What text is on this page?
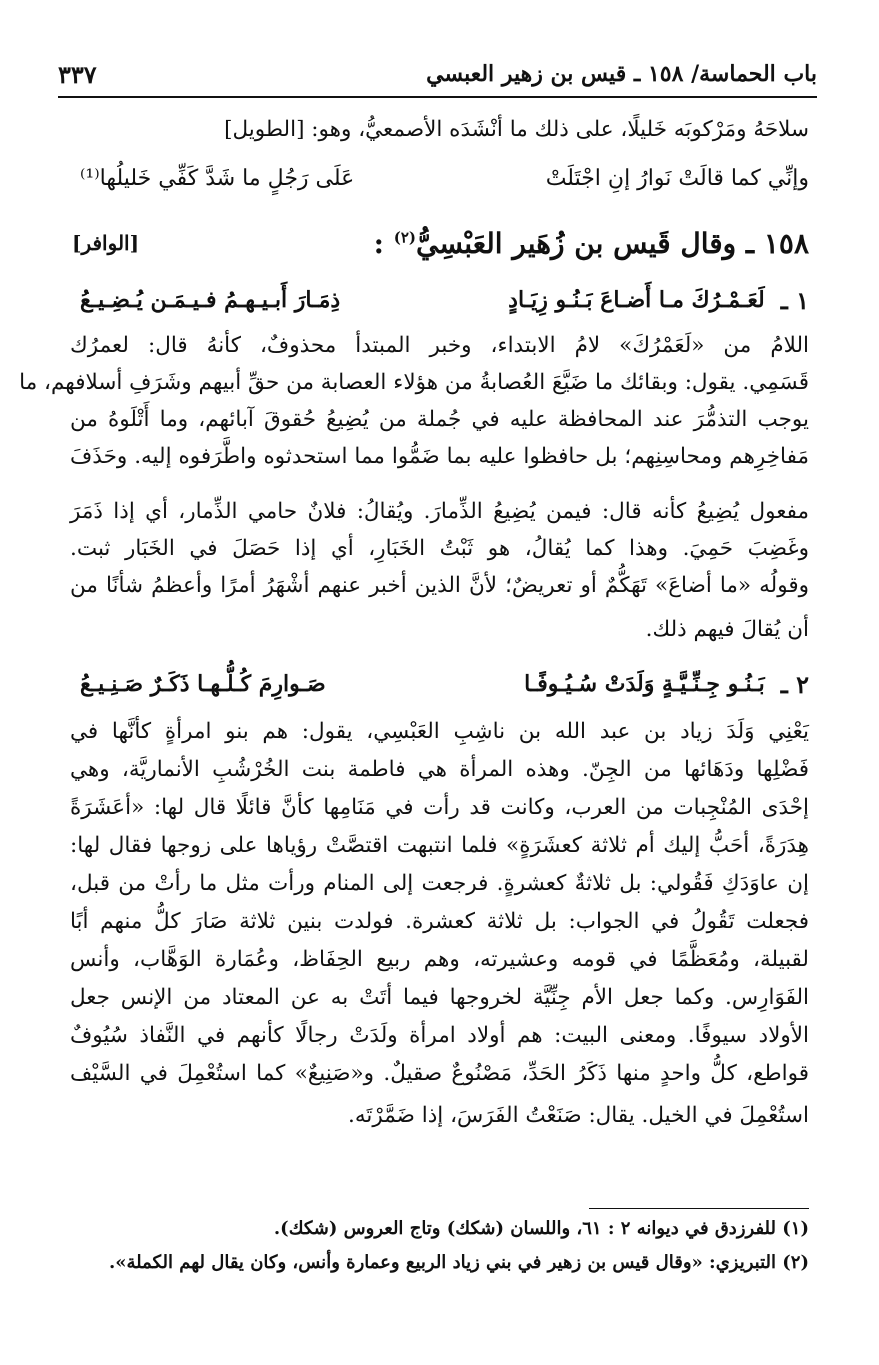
٣٣٧	باب الحماسة/ ١٥٨ ـ قيس بن زهير العبسي
سلاحَهُ ومَرْكوبَه خَليلًا، على ذلك ما أنْشَدَه الأصمعيُّ، وهو: [الطويل]
وإنِّي كما قالَتْ نَوارُ إنِ اجْتَلَتْ
عَلَى رَجُلٍ ما شَدَّ كَفِّي خَليلُها⁽¹⁾
١٥٨ ـ وقال قَيس بن زُهَير العَبْسِيُّ$^{(٢)}$ :
[الوافر]
١ ـ
لَعَـمْـرُكَ مـا أَضـاعَ بَـنُـو زِيَـادٍ
ذِمَـارَ أَبـيـهـمُ فـيـمَـن يُـضِـيـعُ
اللامُ من «لَعَمْرُكَ» لامُ الابتداء، وخبر المبتدأ محذوفٌ، كأنهُ قال: لعمرُك
قَسَمِي. يقول: وبقائك ما ضَيَّعَ العُصابةُ من هؤلاء العصابة من حقِّ أبيهم وشَرَفِ أسلافهم، ما
يوجب التذمُّرَ عند المحافظة عليه في جُملة من يُضِيعُ حُقوقَ آبائهم، وما أَتْلَوهُ من
مَفاخِرِهم ومحاسِنِهم؛ بل حافظوا عليه بما ضَمُّوا مما استحدثوه واطَّرَفوه إليه. وحَذَفَ
مفعول يُضِيعُ كأنه قال: فيمن يُضِيعُ الذِّمارَ. ويُقالُ: فلانٌ حامي الذِّمار، أي إذا ذَمَرَ
وغَضِبَ حَمِيَ. وهذا كما يُقالُ، هو ثَبْتُ الخَبَارِ، أي إذا حَصَلَ في الخَبَار ثبت.
وقولُه «ما أضاعَ» تَهَكُّمٌ أو تعريضٌ؛ لأنَّ الذين أخبر عنهم أشْهَرُ أمرًا وأعظمُ شأنًا من
أن يُقالَ فيهم ذلك.
٢ ـ
بَـنُـو جِـنِّـيَّـةٍ وَلَدَتْ سُـيُـوفًـا
صَـوارِمَ كُـلُّـهـا ذَكَـرٌ صَـنِـيـعُ
يَعْنِي وَلَدَ زياد بن عبد الله بن ناشِبِ العَبْسِي، يقول: هم بنو امرأةٍ كأنَّها في
فَضْلِها ودَهَائها من الجِنّ. وهذه المرأة هي فاطمة بنت الخُرْشُبِ الأنماريَّة، وهي
إحْدَى المُنْجِبات من العرب، وكانت قد رأت في مَنَامِها كأنَّ قائلًا قال لها: «أعَشَرَةً
هِدَرَةً، أحَبُّ إليك أم ثلاثة كعشَرَةٍ» فلما انتبهت اقتصَّتْ رؤياها على زوجها فقال لها:
إن عاوَدَكِ فَقُولي: بل ثلاثةٌ كعشرةٍ. فرجعت إلى المنام ورأت مثل ما رأتْ من قبل،
فجعلت تَقُولُ في الجواب: بل ثلاثة كعشرة. فولدت بنين ثلاثة صَارَ كلُّ منهم أبًا
لقبيلة، ومُعَظَّمًا في قومه وعشيرته، وهم ربيع الحِفَاظ، وعُمَارة الوَهَّاب، وأنس
الفَوَارِس. وكما جعل الأم جِنِّيَّة لخروجها فيما أتَتْ به عن المعتاد من الإنس جعل
الأولاد سيوفًا. ومعنى البيت: هم أولاد امرأة ولَدَتْ رجالًا كأنهم في النَّفاذ سُيُوفٌ
قواطع، كلُّ واحدٍ منها ذَكَرُ الحَدِّ، مَصْنُوعٌ صقيلٌ. و«صَنِيعٌ» كما استُعْمِلَ في السَّيْف
استُعْمِلَ في الخيل. يقال: صَنَعْتُ الفَرَسَ، إذا ضَمَّرْتَه.
(١) للفرزدق في ديوانه ٢ : ٦١، واللسان (شكك) وتاج العروس (شكك).
(٢) التبريزي: «وقال قيس بن زهير في بني زياد الربيع وعمارة وأنس، وكان يقال لهم الكملة».
